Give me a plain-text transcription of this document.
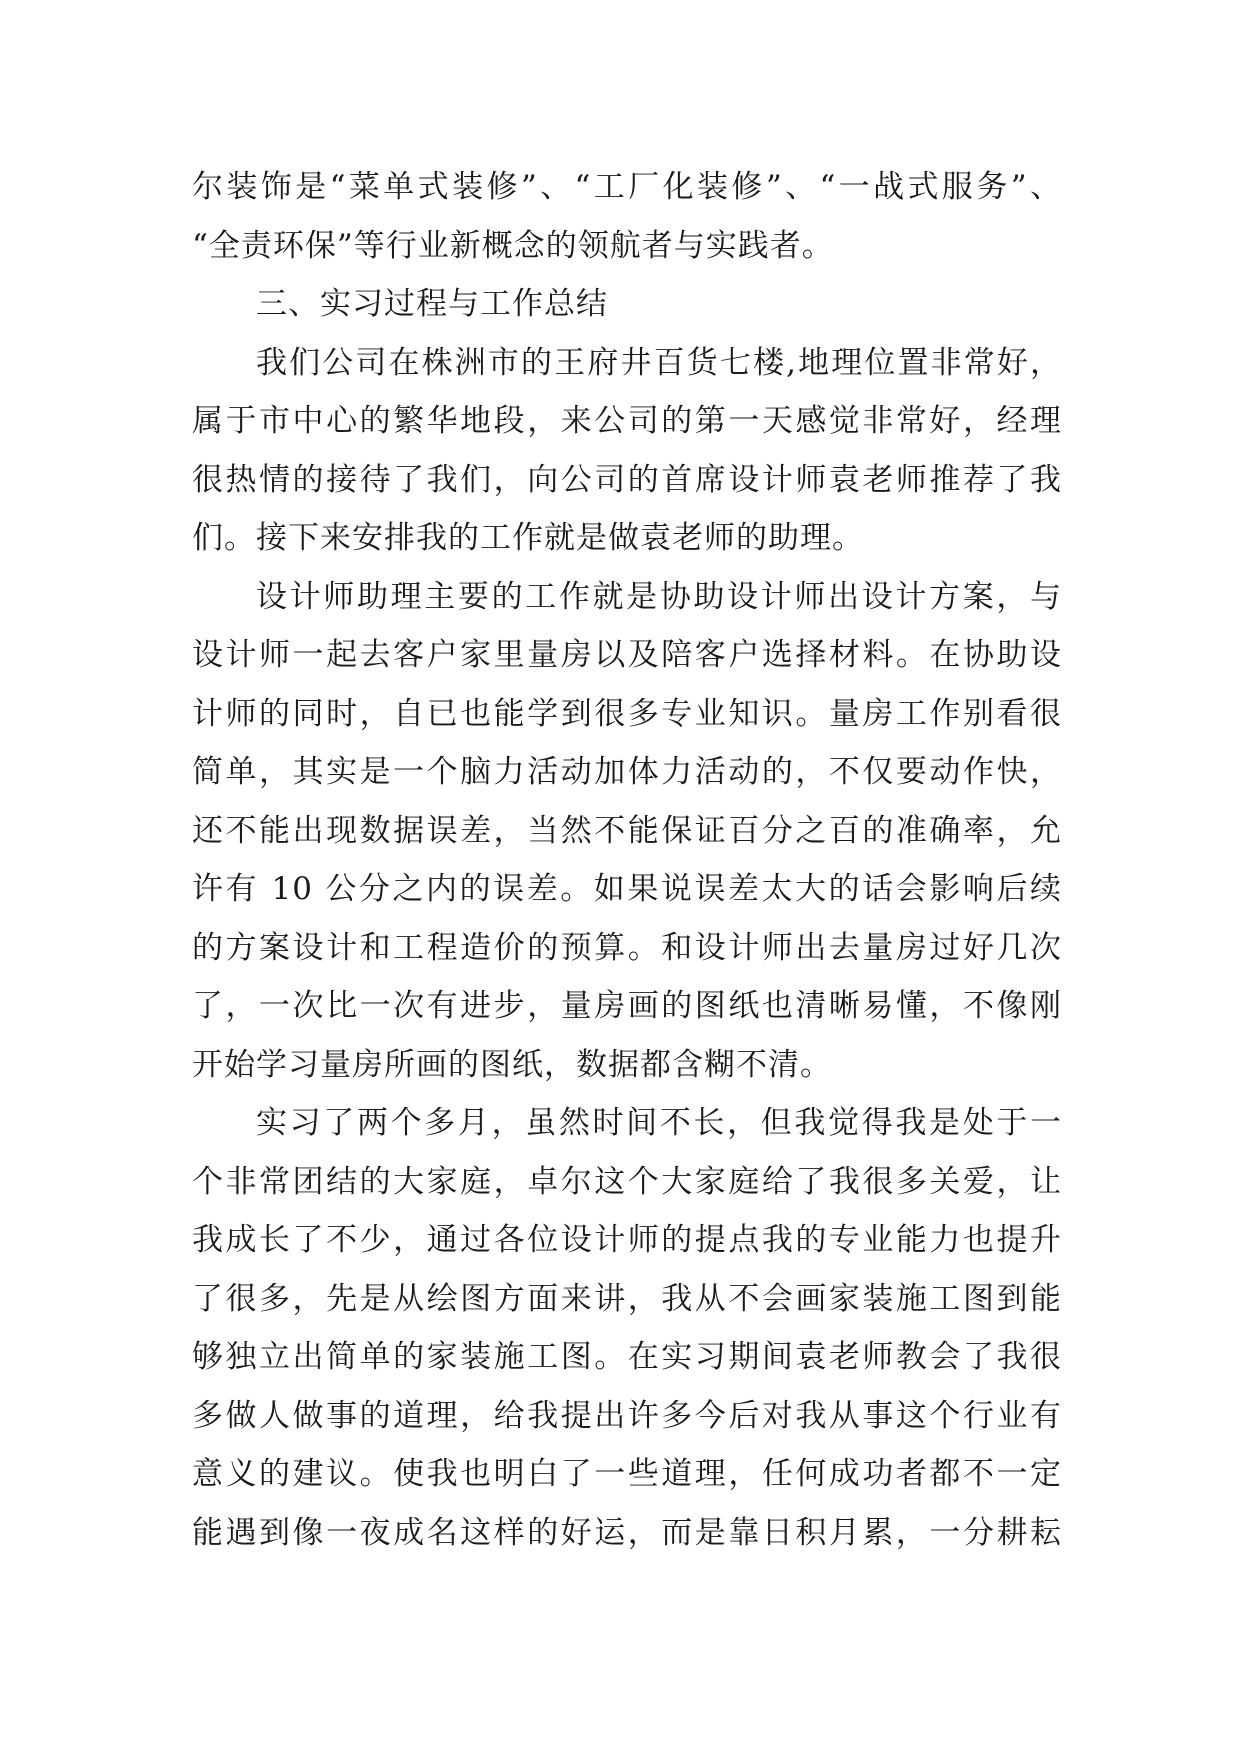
尔装饰是“菜单式装修”、“工厂化装修”、“一战式服务”、
“全责环保”等行业新概念的领航者与实践者。
三、实习过程与工作总结
我们公司在株洲市的王府井百货七楼,地理位置非常好，
属于市中心的繁华地段，来公司的第一天感觉非常好，经理
很热情的接待了我们，向公司的首席设计师袁老师推荐了我
们。接下来安排我的工作就是做袁老师的助理。
设计师助理主要的工作就是协助设计师出设计方案，与
设计师一起去客户家里量房以及陪客户选择材料。在协助设
计师的同时，自已也能学到很多专业知识。量房工作别看很
简单，其实是一个脑力活动加体力活动的，不仅要动作快，
还不能出现数据误差，当然不能保证百分之百的准确率，允
许有 10 公分之内的误差。如果说误差太大的话会影响后续
的方案设计和工程造价的预算。和设计师出去量房过好几次
了，一次比一次有进步，量房画的图纸也清晰易懂，不像刚
开始学习量房所画的图纸，数据都含糊不清。
实习了两个多月，虽然时间不长，但我觉得我是处于一
个非常团结的大家庭，卓尔这个大家庭给了我很多关爱，让
我成长了不少，通过各位设计师的提点我的专业能力也提升
了很多，先是从绘图方面来讲，我从不会画家装施工图到能
够独立出简单的家装施工图。在实习期间袁老师教会了我很
多做人做事的道理，给我提出许多今后对我从事这个行业有
意义的建议。使我也明白了一些道理，任何成功者都不一定
能遇到像一夜成名这样的好运，而是靠日积月累，一分耕耘
